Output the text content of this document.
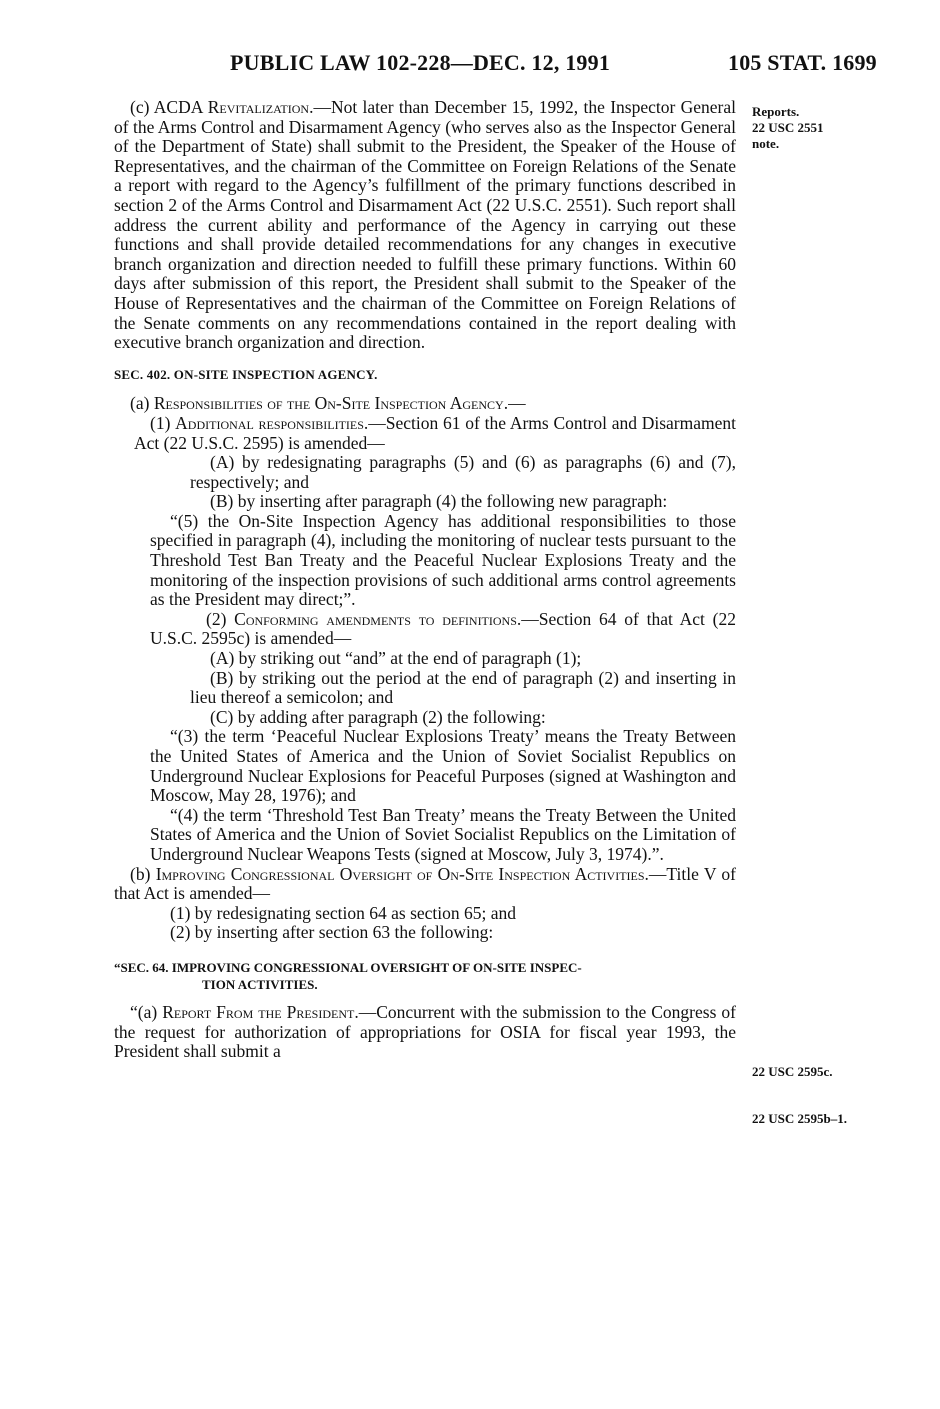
PUBLIC LAW 102-228—DEC. 12, 1991	105 STAT. 1699
Reports.
22 USC 2551
note.
22 USC 2595c.
22 USC 2595b–1.

(c) ACDA Revitalization.—Not later than December 15, 1992, the Inspector General of the Arms Control and Disarmament Agency (who serves also as the Inspector General of the Department of State) shall submit to the President, the Speaker of the House of Representatives, and the chairman of the Committee on Foreign Relations of the Senate a report with regard to the Agency’s fulfillment of the primary functions described in section 2 of the Arms Control and Disarmament Act (22 U.S.C. 2551). Such report shall address the current ability and performance of the Agency in carrying out these functions and shall provide detailed recommendations for any changes in executive branch organization and direction needed to fulfill these primary functions. Within 60 days after submission of this report, the President shall submit to the Speaker of the House of Representatives and the chairman of the Committee on Foreign Relations of the Senate comments on any recommendations contained in the report dealing with executive branch organization and direction.

SEC. 402. ON-SITE INSPECTION AGENCY.

(a) Responsibilities of the On-Site Inspection Agency.—

(1) Additional responsibilities.—Section 61 of the Arms Control and Disarmament Act (22 U.S.C. 2595) is amended—

(A) by redesignating paragraphs (5) and (6) as paragraphs (6) and (7), respectively; and

(B) by inserting after paragraph (4) the following new paragraph:

“(5) the On-Site Inspection Agency has additional responsibilities to those specified in paragraph (4), including the monitoring of nuclear tests pursuant to the Threshold Test Ban Treaty and the Peaceful Nuclear Explosions Treaty and the monitoring of the inspection provisions of such additional arms control agreements as the President may direct;”.

(2) Conforming amendments to definitions.—Section 64 of that Act (22 U.S.C. 2595c) is amended—

(A) by striking out “and” at the end of paragraph (1);

(B) by striking out the period at the end of paragraph (2) and inserting in lieu thereof a semicolon; and

(C) by adding after paragraph (2) the following:

“(3) the term ‘Peaceful Nuclear Explosions Treaty’ means the Treaty Between the United States of America and the Union of Soviet Socialist Republics on Underground Nuclear Explosions for Peaceful Purposes (signed at Washington and Moscow, May 28, 1976); and

“(4) the term ‘Threshold Test Ban Treaty’ means the Treaty Between the United States of America and the Union of Soviet Socialist Republics on the Limitation of Underground Nuclear Weapons Tests (signed at Moscow, July 3, 1974).”.

(b) Improving Congressional Oversight of On-Site Inspection Activities.—Title V of that Act is amended—

(1) by redesignating section 64 as section 65; and

(2) by inserting after section 63 the following:

“SEC. 64. IMPROVING CONGRESSIONAL OVERSIGHT OF ON-SITE INSPEC-
TION ACTIVITIES.

“(a) Report From the President.—Concurrent with the submission to the Congress of the request for authorization of appropriations for OSIA for fiscal year 1993, the President shall submit a
